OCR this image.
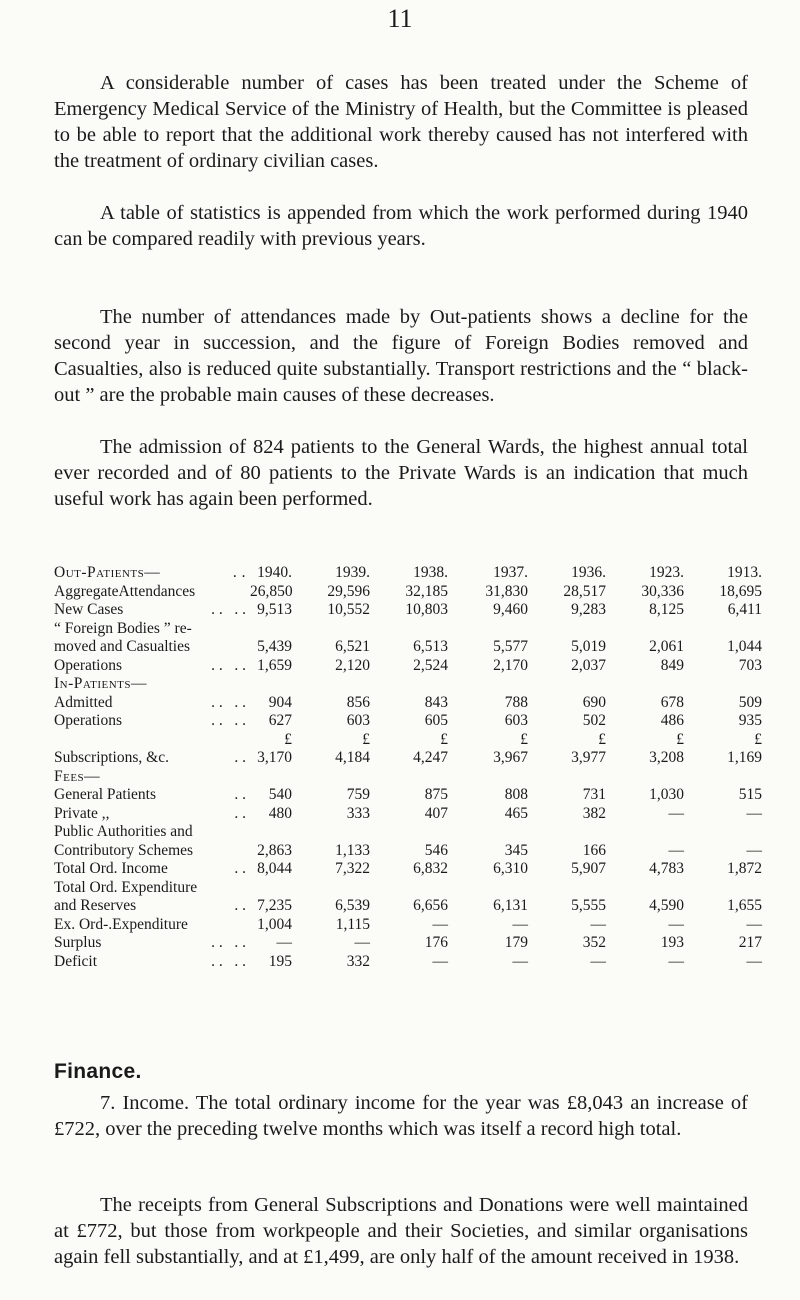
11

A considerable number of cases has been treated under the Scheme of Emergency Medical Service of the Ministry of Health, but the Committee is pleased to be able to report that the additional work thereby caused has not interfered with the treatment of ordinary civilian cases.

A table of statistics is appended from which the work performed during 1940 can be compared readily with previous years.

The number of attendances made by Out-patients shows a decline for the second year in succession, and the figure of Foreign Bodies removed and Casualties, also is reduced quite substantially. Transport restrictions and the “ black-out ” are the probable main causes of these decreases.

The admission of 824 patients to the General Wards, the highest annual total ever recorded and of 80 patients to the Private Wards is an indication that much useful work has again been performed.

Out-Patients— . .	1940.	1939.	1938.	1937.	1936.	1923.	1913.
AggregateAttendances	26,850	29,596	32,185	31,830	28,517	30,336	18,695
New Cases . .   . .	9,513	10,552	10,803	9,460	9,283	8,125	6,411
“ Foreign Bodies ” re-							
moved and Casualties	5,439	6,521	6,513	5,577	5,019	2,061	1,044
Operations . .   . .	1,659	2,120	2,524	2,170	2,037	849	703
In-Patients—							
Admitted . .   . .	904	856	843	788	690	678	509
Operations . .   . .	627	603	605	603	502	486	935
	£	£	£	£	£	£	£
Subscriptions, &c. . .	3,170	4,184	4,247	3,967	3,977	3,208	1,169
Fees—							
General Patients . .	540	759	875	808	731	1,030	515
Private ,, . .	480	333	407	465	382	—	—
Public Authorities and							
Contributory Schemes	2,863	1,133	546	345	166	—	—
Total Ord. Income . .	8,044	7,322	6,832	6,310	5,907	4,783	1,872
Total Ord. Expenditure							
and Reserves . .	7,235	6,539	6,656	6,131	5,555	4,590	1,655
Ex. Ord-.Expenditure	1,004	1,115	—	—	—	—	—
Surplus . .   . .	—	—	176	179	352	193	217
Deficit . .   . .	195	332	—	—	—	—	—
Finance.

7. Income. The total ordinary income for the year was £8,043 an increase of £722, over the preceding twelve months which was itself a record high total.

The receipts from General Subscriptions and Donations were well maintained at £772, but those from workpeople and their Societies, and similar organisations again fell substantially, and at £1,499, are only half of the amount received in 1938.
